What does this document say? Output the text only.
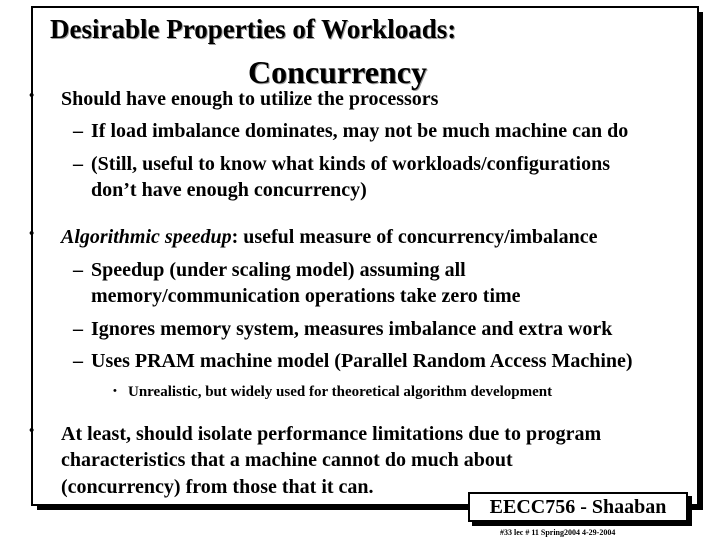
Desirable Properties of Workloads:
Concurrency
• Should have enough to utilize the processors
– If load imbalance dominates, may not be much machine can do
– (Still, useful to know what kinds of workloads/configurations
don’t have enough concurrency)
• Algorithmic speedup: useful measure of concurrency/imbalance
– Speedup (under scaling model) assuming all
memory/communication operations take zero time
– Ignores memory system, measures imbalance and extra work
– Uses PRAM machine model (Parallel Random Access Machine)
• Unrealistic, but widely used for theoretical algorithm development
• At least, should isolate performance limitations due to program
characteristics that a machine cannot do much about
(concurrency) from those that it can.
EECC756 - Shaaban
#33 lec # 11 Spring2004 4-29-2004
